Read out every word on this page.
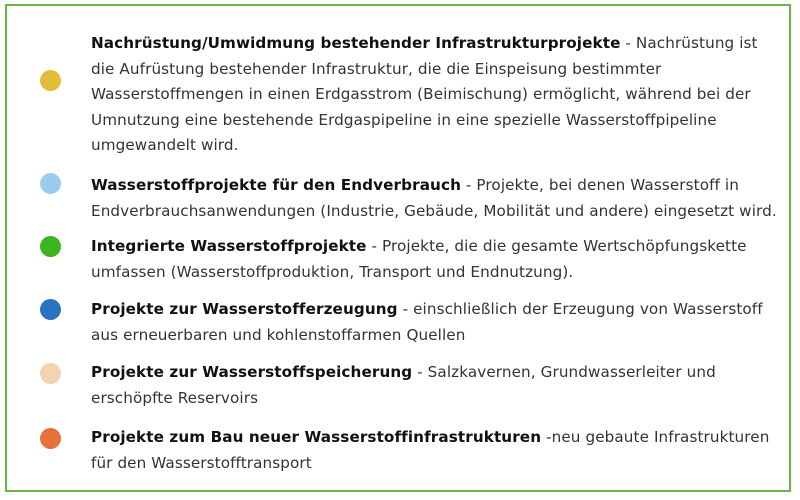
Nachrüstung/Umwidmung bestehender Infrastrukturprojekte - Nachrüstung ist die Aufrüstung bestehender Infrastruktur, die die Einspeisung bestimmter Wasserstoffmengen in einen Erdgasstrom (Beimischung) ermöglicht, während bei der Umnutzung eine bestehende Erdgaspipeline in eine spezielle Wasserstoffpipeline umgewandelt wird.
Wasserstoffprojekte für den Endverbrauch - Projekte, bei denen Wasserstoff in Endverbrauchsanwendungen (Industrie, Gebäude, Mobilität und andere) eingesetzt wird.
Integrierte Wasserstoffprojekte - Projekte, die die gesamte Wertschöpfungskette umfassen (Wasserstoffproduktion, Transport und Endnutzung).
Projekte zur Wasserstofferzeugung - einschließlich der Erzeugung von Wasserstoff aus erneuerbaren und kohlenstoffarmen Quellen
Projekte zur Wasserstoffspeicherung - Salzkavernen, Grundwasserleiter und erschöpfte Reservoirs
Projekte zum Bau neuer Wasserstoffinfrastrukturen -neu gebaute Infrastrukturen für den Wasserstofftransport
